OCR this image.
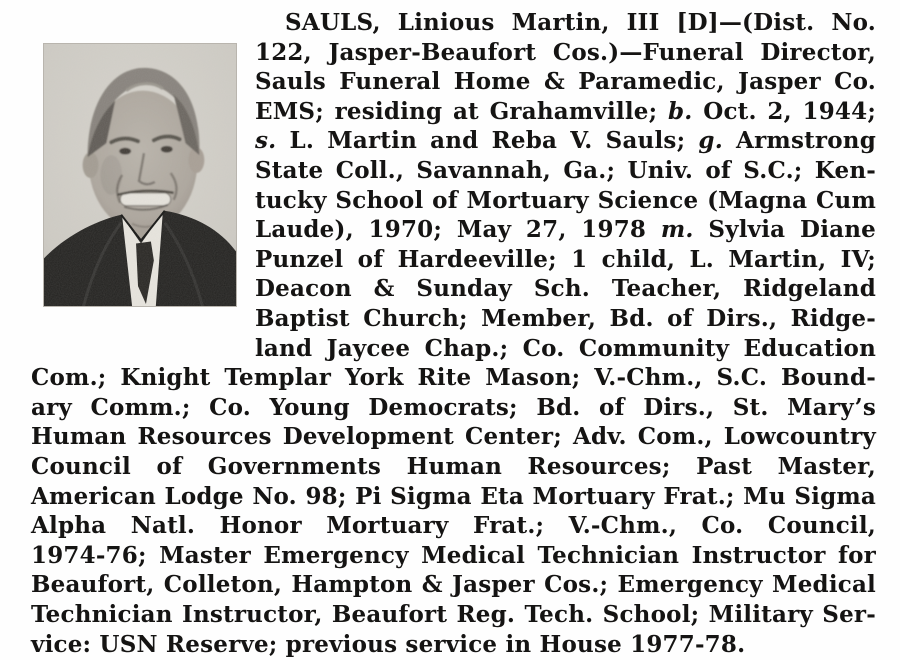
SAULS, Linious Martin, III [D]—(Dist. No.
122, Jasper-Beaufort Cos.)—Funeral Director,
Sauls Funeral Home & Paramedic, Jasper Co.
EMS; residing at Grahamville; b. Oct. 2, 1944;
s. L. Martin and Reba V. Sauls; g. Armstrong
State Coll., Savannah, Ga.; Univ. of S.C.; Ken-
tucky School of Mortuary Science (Magna Cum
Laude), 1970; May 27, 1978 m. Sylvia Diane
Punzel of Hardeeville; 1 child, L. Martin, IV;
Deacon & Sunday Sch. Teacher, Ridgeland
Baptist Church; Member, Bd. of Dirs., Ridge-
land Jaycee Chap.; Co. Community Education
Com.; Knight Templar York Rite Mason; V.-Chm., S.C. Bound-
ary Comm.; Co. Young Democrats; Bd. of Dirs., St. Mary’s
Human Resources Development Center; Adv. Com., Lowcountry
Council of Governments Human Resources; Past Master,
American Lodge No. 98; Pi Sigma Eta Mortuary Frat.; Mu Sigma
Alpha Natl. Honor Mortuary Frat.; V.-Chm., Co. Council,
1974-76; Master Emergency Medical Technician Instructor for
Beaufort, Colleton, Hampton & Jasper Cos.; Emergency Medical
Technician Instructor, Beaufort Reg. Tech. School; Military Ser-
vice: USN Reserve; previous service in House 1977-78.
